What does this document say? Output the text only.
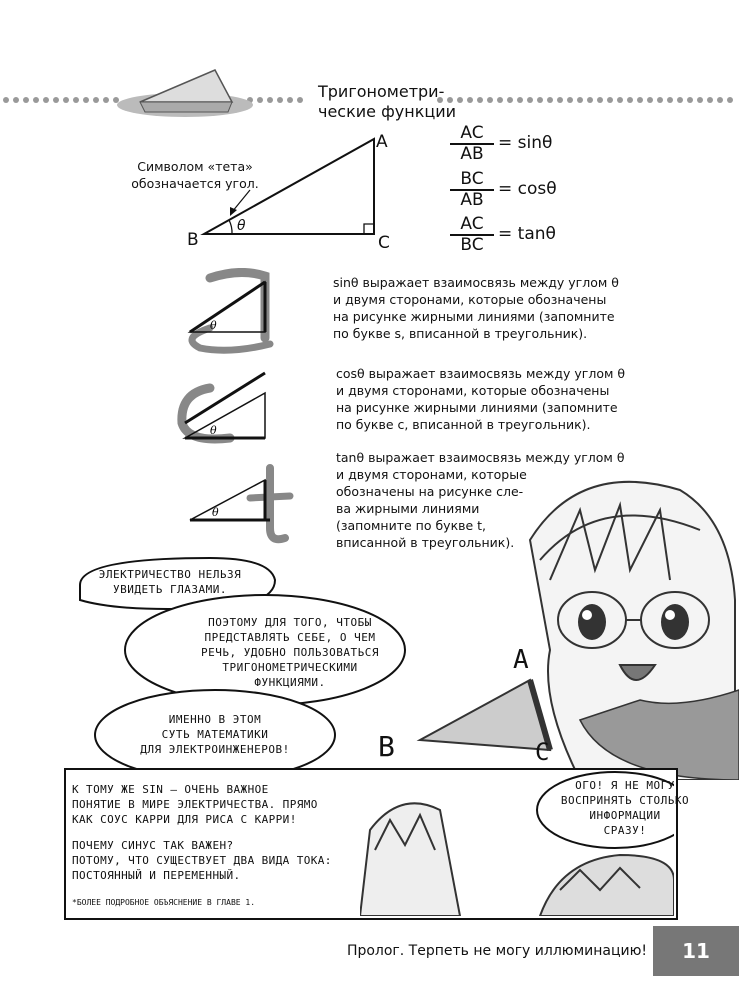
Тригонометри-
ческие функции
A
B	C
θ
Символом «тета»
обозначается угол.
AC
AB
= sinθ
BC
AB
= cosθ
AC
BC
= tanθ
θ
θ
θ
sinθ выражает взаимосвязь между углом θ
и двумя сторонами, которые обозначены
на рисунке жирными линиями (запомните
по букве s, вписанной в треугольник).
cosθ выражает взаимосвязь между углом θ
и двумя сторонами, которые обозначены
на рисунке жирными линиями (запомните
по букве с, вписанной в треугольник).
tanθ выражает взаимосвязь между углом θ
и двумя сторонами, которые
обозначены на рисунке сле-
ва жирными линиями
(запомните по букве t,
вписанной в треугольник).
A
B	C
ЭЛЕКТРИЧЕСТВО НЕЛЬЗЯ
УВИДЕТЬ ГЛАЗАМИ.
ПОЭТОМУ ДЛЯ ТОГО, ЧТОБЫ
ПРЕДСТАВЛЯТЬ СЕБЕ, О ЧЕМ
РЕЧЬ, УДОБНО ПОЛЬЗОВАТЬСЯ
ТРИГОНОМЕТРИЧЕСКИМИ
ФУНКЦИЯМИ.
ИМЕННО В ЭТОМ
СУТЬ МАТЕМАТИКИ
ДЛЯ ЭЛЕКТРОИНЖЕНЕРОВ!
ОГО! Я НЕ МОГУ
ВОСПРИНЯТЬ СТОЛЬКО
ИНФОРМАЦИИ
СРАЗУ!
К ТОМУ ЖЕ SIN – ОЧЕНЬ ВАЖНОЕ
ПОНЯТИЕ В МИРЕ ЭЛЕКТРИЧЕСТВА. ПРЯМО
КАК СОУС КАРРИ ДЛЯ РИСА С КАРРИ!
ПОЧЕМУ СИНУС ТАК ВАЖЕН?
ПОТОМУ, ЧТО СУЩЕСТВУЕТ ДВА ВИДА ТОКА:
ПОСТОЯННЫЙ И ПЕРЕМЕННЫЙ.
*БОЛЕЕ ПОДРОБНОЕ ОБЪЯСНЕНИЕ В ГЛАВЕ 1.
Пролог. Терпеть не могу иллюминацию!	11
